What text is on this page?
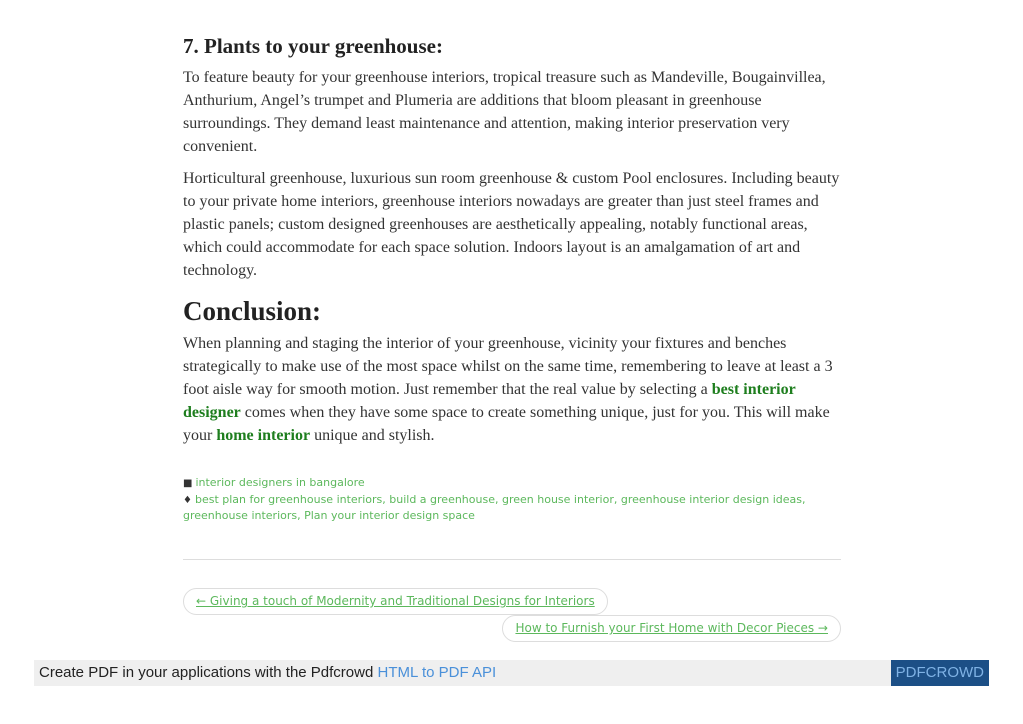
7. Plants to your greenhouse:

To feature beauty for your greenhouse interiors, tropical treasure such as Mandeville, Bougainvillea, Anthurium, Angel’s trumpet and Plumeria are additions that bloom pleasant in greenhouse surroundings. They demand least maintenance and attention, making interior preservation very convenient.

Horticultural greenhouse, luxurious sun room greenhouse & custom Pool enclosures. Including beauty to your private home interiors, greenhouse interiors nowadays are greater than just steel frames and plastic panels; custom designed greenhouses are aesthetically appealing, notably functional areas, which could accommodate for each space solution. Indoors layout is an amalgamation of art and technology.

Conclusion:

When planning and staging the interior of your greenhouse, vicinity your fixtures and benches strategically to make use of the most space whilst on the same time, remembering to leave at least a 3 foot aisle way for smooth motion. Just remember that the real value by selecting a best interior designer comes when they have some space to create something unique, just for you. This will make your home interior unique and stylish.

■ interior designers in bangalore
♦ best plan for greenhouse interiors, build a greenhouse, green house interior, greenhouse interior design ideas, greenhouse interiors, Plan your interior design space
← Giving a touch of Modernity and Traditional Designs for Interiors
How to Furnish your First Home with Decor Pieces →
Create PDF in your applications with the Pdfcrowd HTML to PDF API	PDFCROWD
